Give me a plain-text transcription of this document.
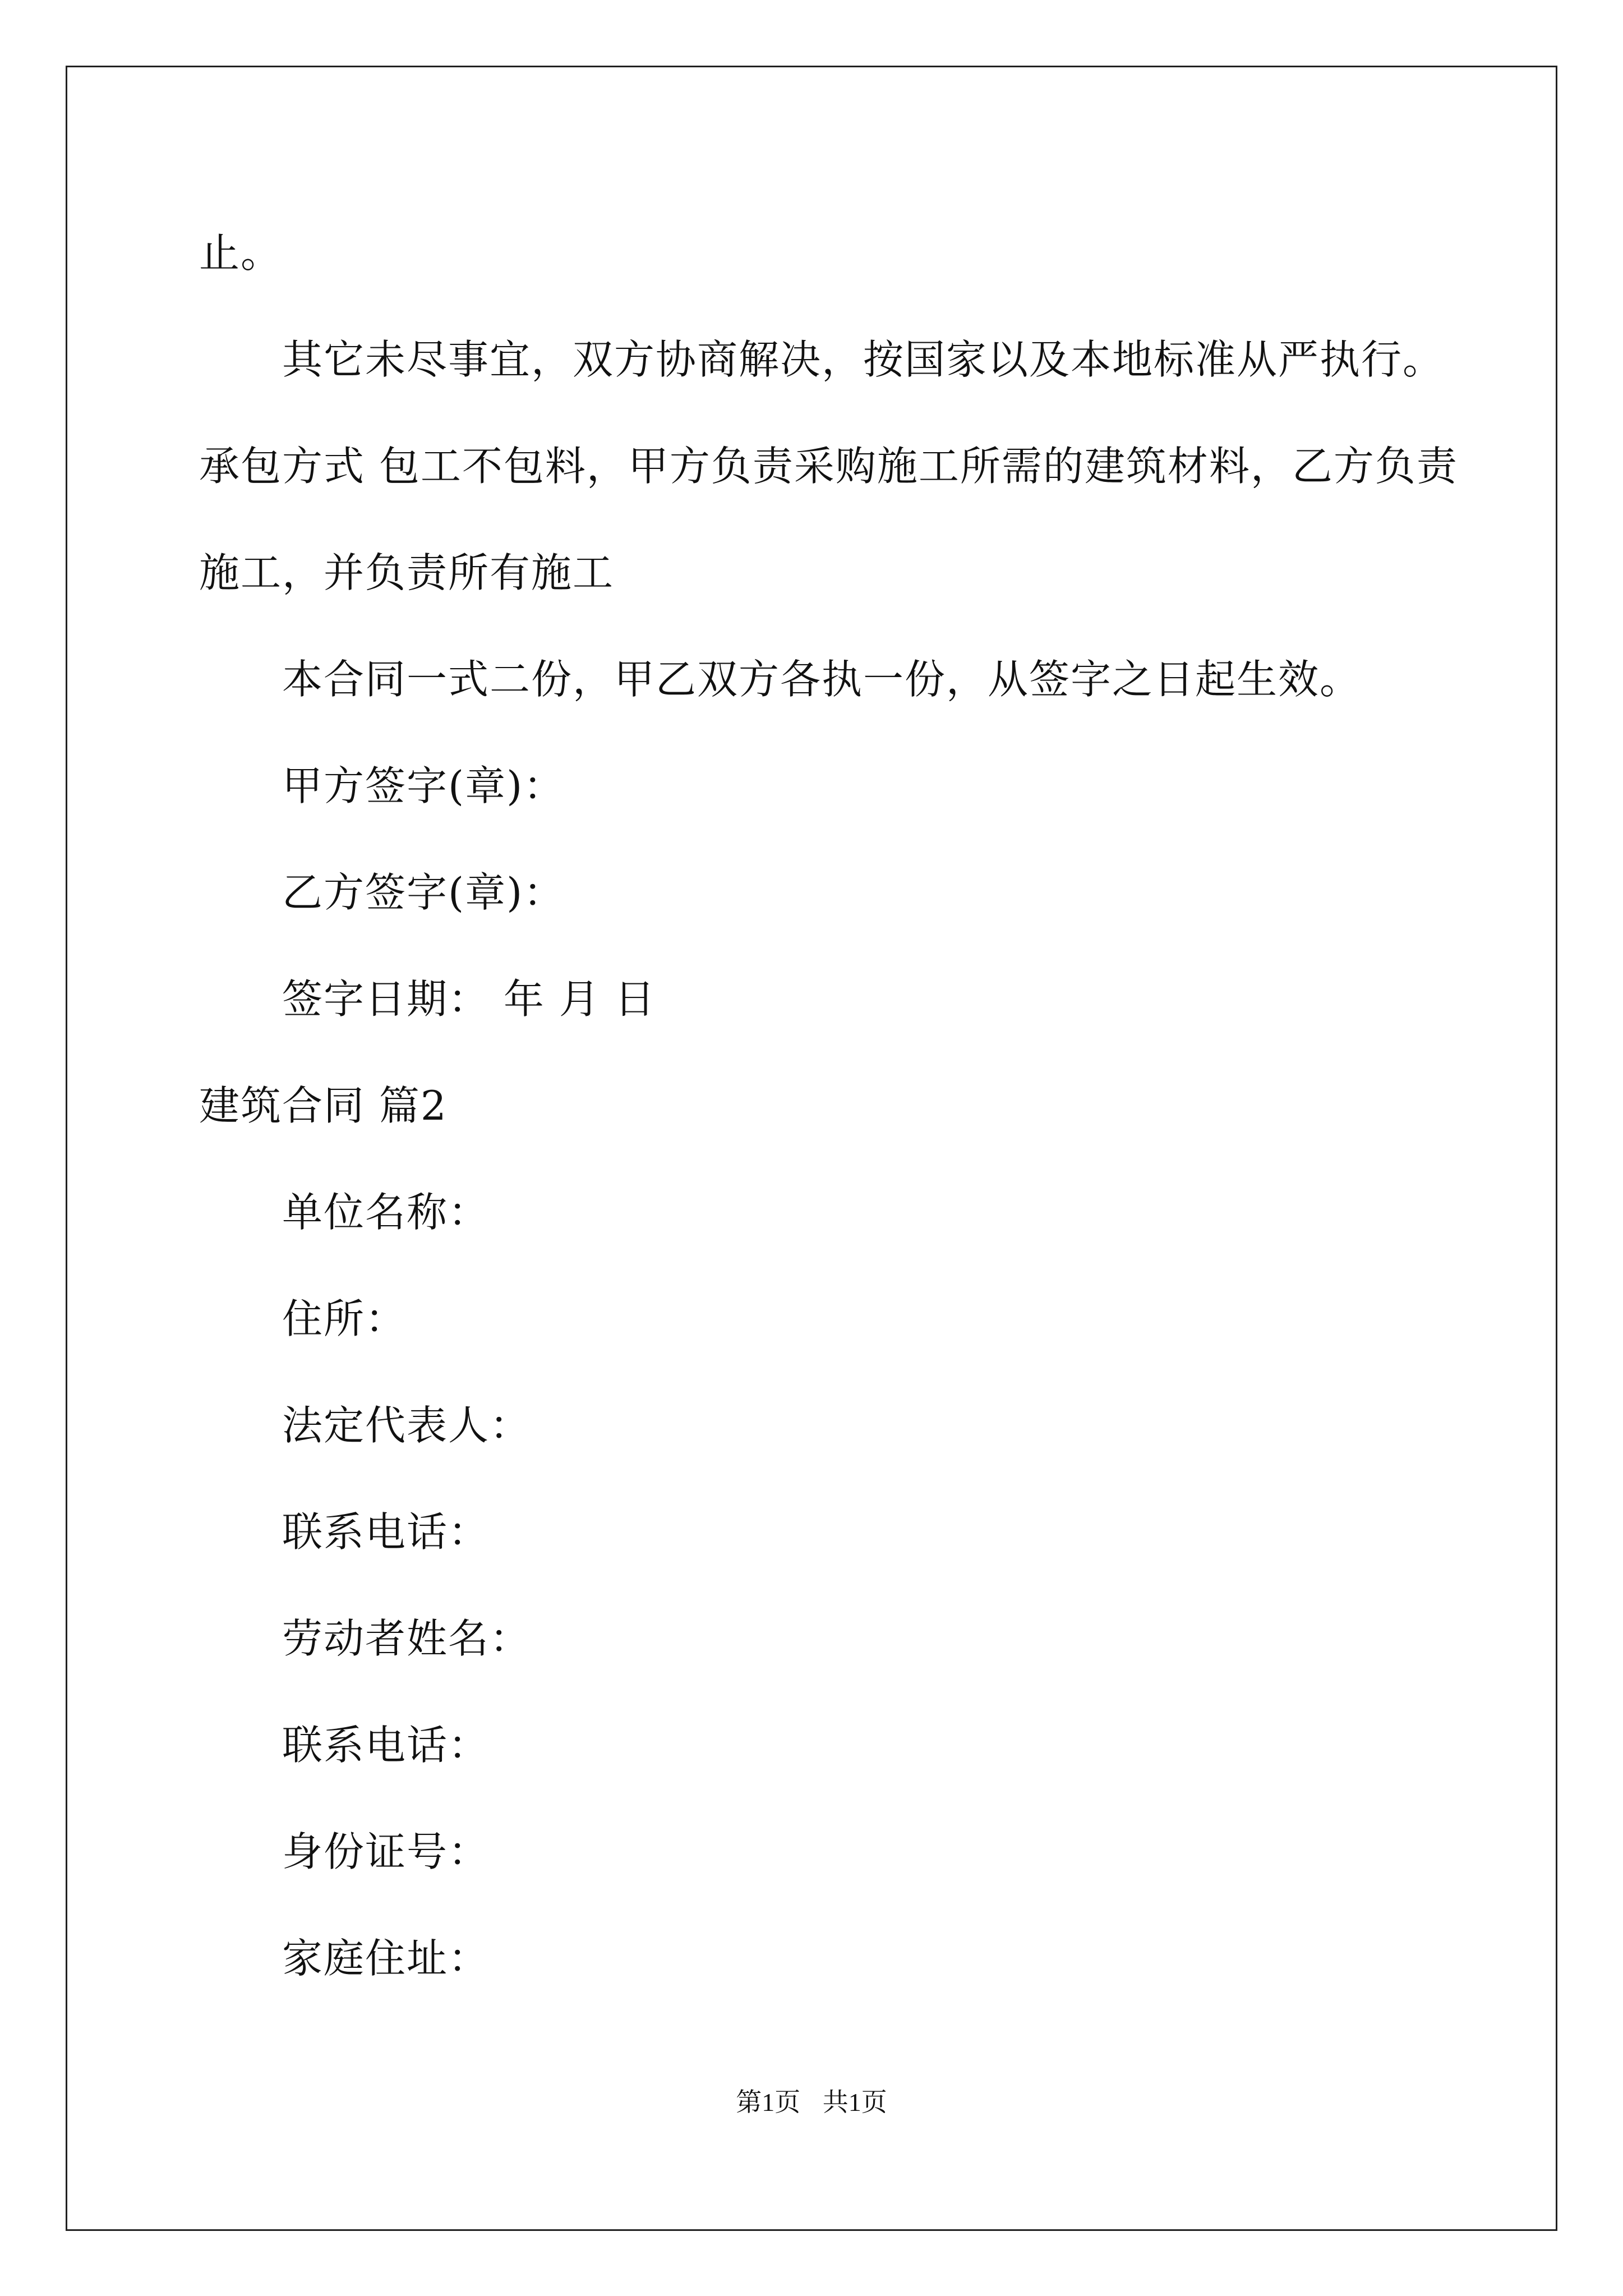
止。
其它未尽事宜，双方协商解决，按国家以及本地标准从严执行。
承包方式 包工不包料，甲方负责采购施工所需的建筑材料，乙方负责
施工，并负责所有施工
本合同一式二份，甲乙双方各执一份，从签字之日起生效。
甲方签字(章)：
乙方签字(章)：
签字日期： 年 月 日
建筑合同 篇2
单位名称：
住所：
法定代表人：
联系电话：
劳动者姓名：
联系电话：
身份证号：
家庭住址：
第1页 共1页
